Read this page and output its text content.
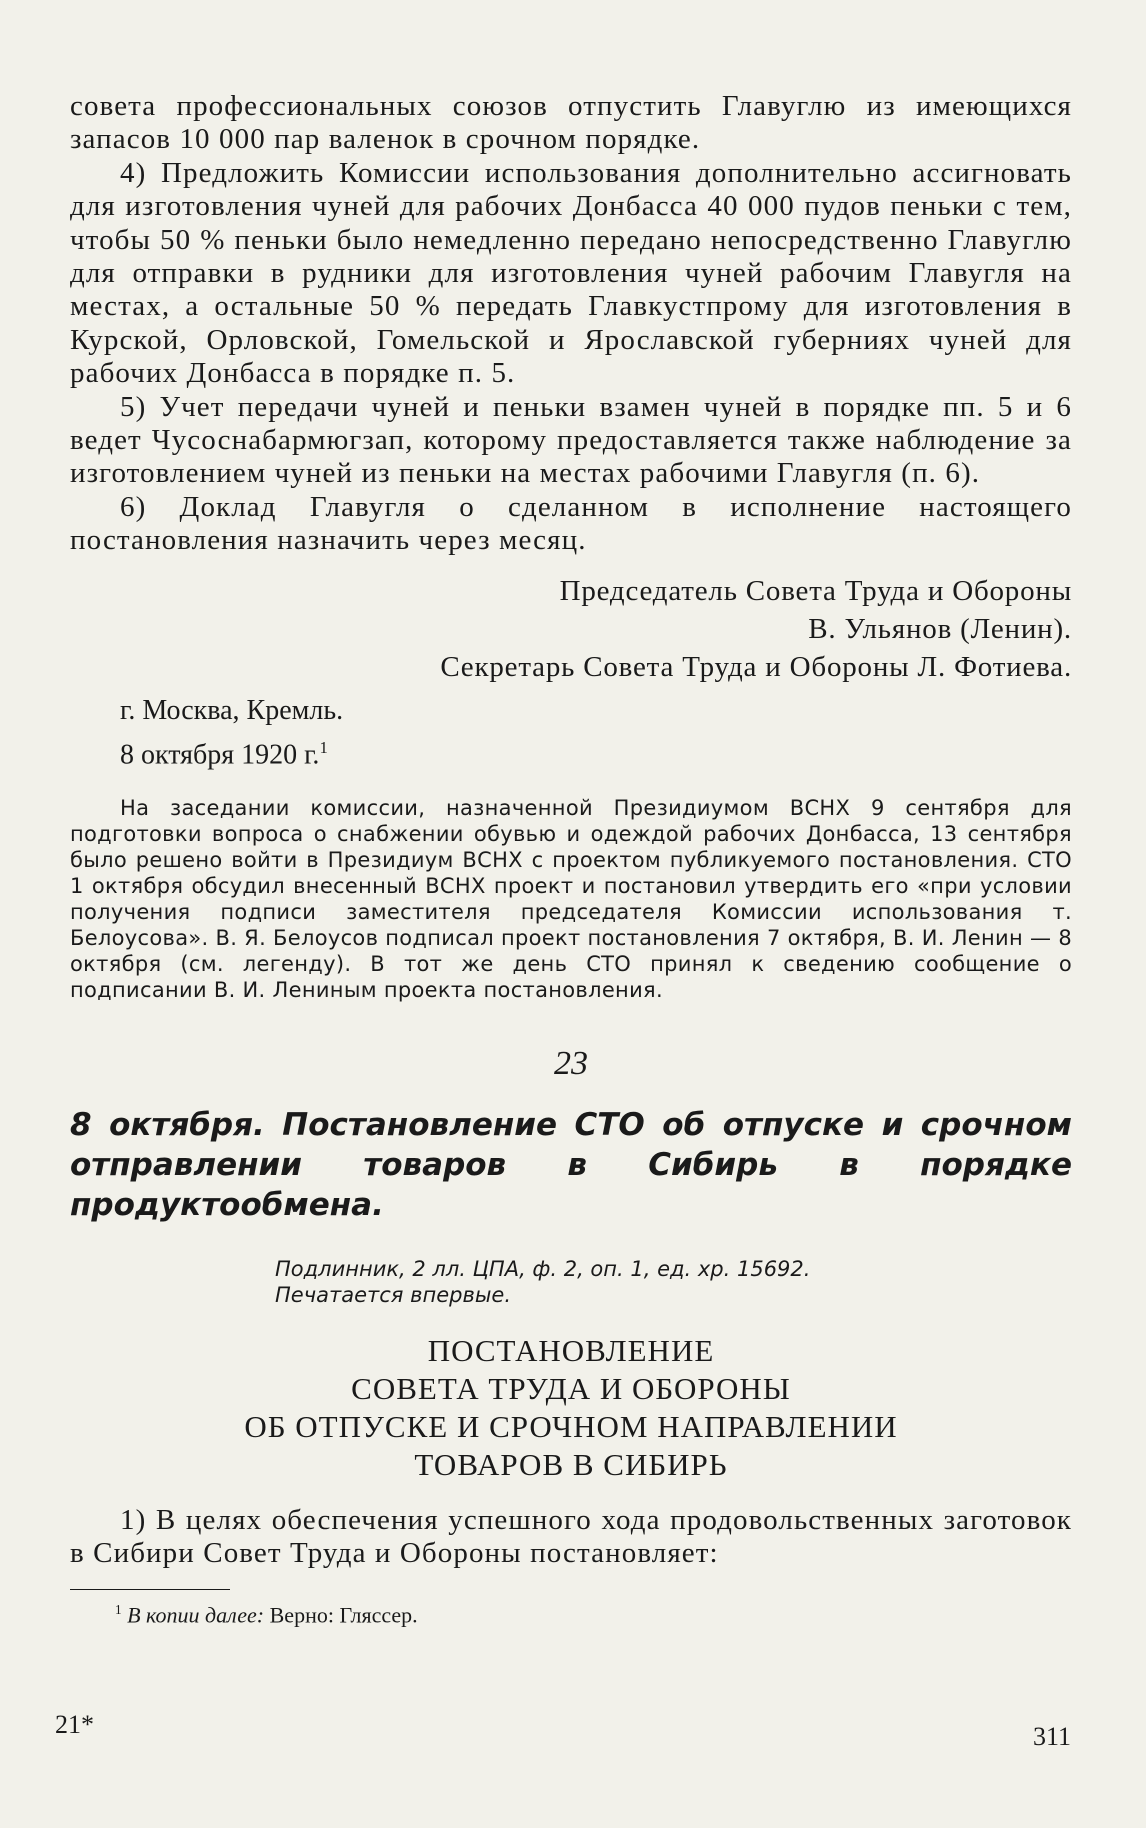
совета профессиональных союзов отпустить Главуглю из имеющихся запасов 10 000 пар валенок в срочном порядке.

4) Предложить Комиссии использования дополнительно ассигновать для изготовления чуней для рабочих Донбасса 40 000 пудов пеньки с тем, чтобы 50 % пеньки было немедленно передано непосредственно Главуглю для отправки в рудники для изготовления чуней рабочим Главугля на местах, а остальные 50 % передать Главкустпрому для изготовления в Курской, Орловской, Гомельской и Ярославской губерниях чуней для рабочих Донбасса в порядке п. 5.

5) Учет передачи чуней и пеньки взамен чуней в порядке пп. 5 и 6 ведет Чусоснабармюгзап, которому предоставляется также наблюдение за изготовлением чуней из пеньки на местах рабочими Главугля (п. 6).

6) Доклад Главугля о сделанном в исполнение настоящего постановления назначить через месяц.

Председатель Совета Труда и Обороны
В. Ульянов (Ленин).
Секретарь Совета Труда и Обороны Л. Фотиева.
г. Москва, Кремль.
8 октября 1920 г.$^1$

На заседании комиссии, назначенной Президиумом ВСНХ 9 сентября для подготовки вопроса о снабжении обувью и одеждой рабочих Донбасса, 13 сентября было решено войти в Президиум ВСНХ с проектом публикуемого постановления. СТО 1 октября обсудил внесенный ВСНХ проект и постановил утвердить его «при условии получения подписи заместителя председателя Комиссии использования т. Белоусова». В. Я. Белоусов подписал проект постановления 7 октября, В. И. Ленин — 8 октября (см. легенду). В тот же день СТО принял к сведению сообщение о подписании В. И. Лениным проекта постановления.

23

8 октября. Постановление СТО об отпуске и срочном отправлении товаров в Сибирь в порядке продуктообмена.

Подлинник, 2 лл. ЦПА, ф. 2, оп. 1, ед. хр. 15692.
Печатается впервые.
ПОСТАНОВЛЕНИЕ
СОВЕТА ТРУДА И ОБОРОНЫ
ОБ ОТПУСКЕ И СРОЧНОМ НАПРАВЛЕНИИ
ТОВАРОВ В СИБИРЬ

1) В целях обеспечения успешного хода продовольственных заготовок в Сибири Совет Труда и Обороны постановляет:

$^1$ В копии далее: Верно: Гляссер.
21*	311
